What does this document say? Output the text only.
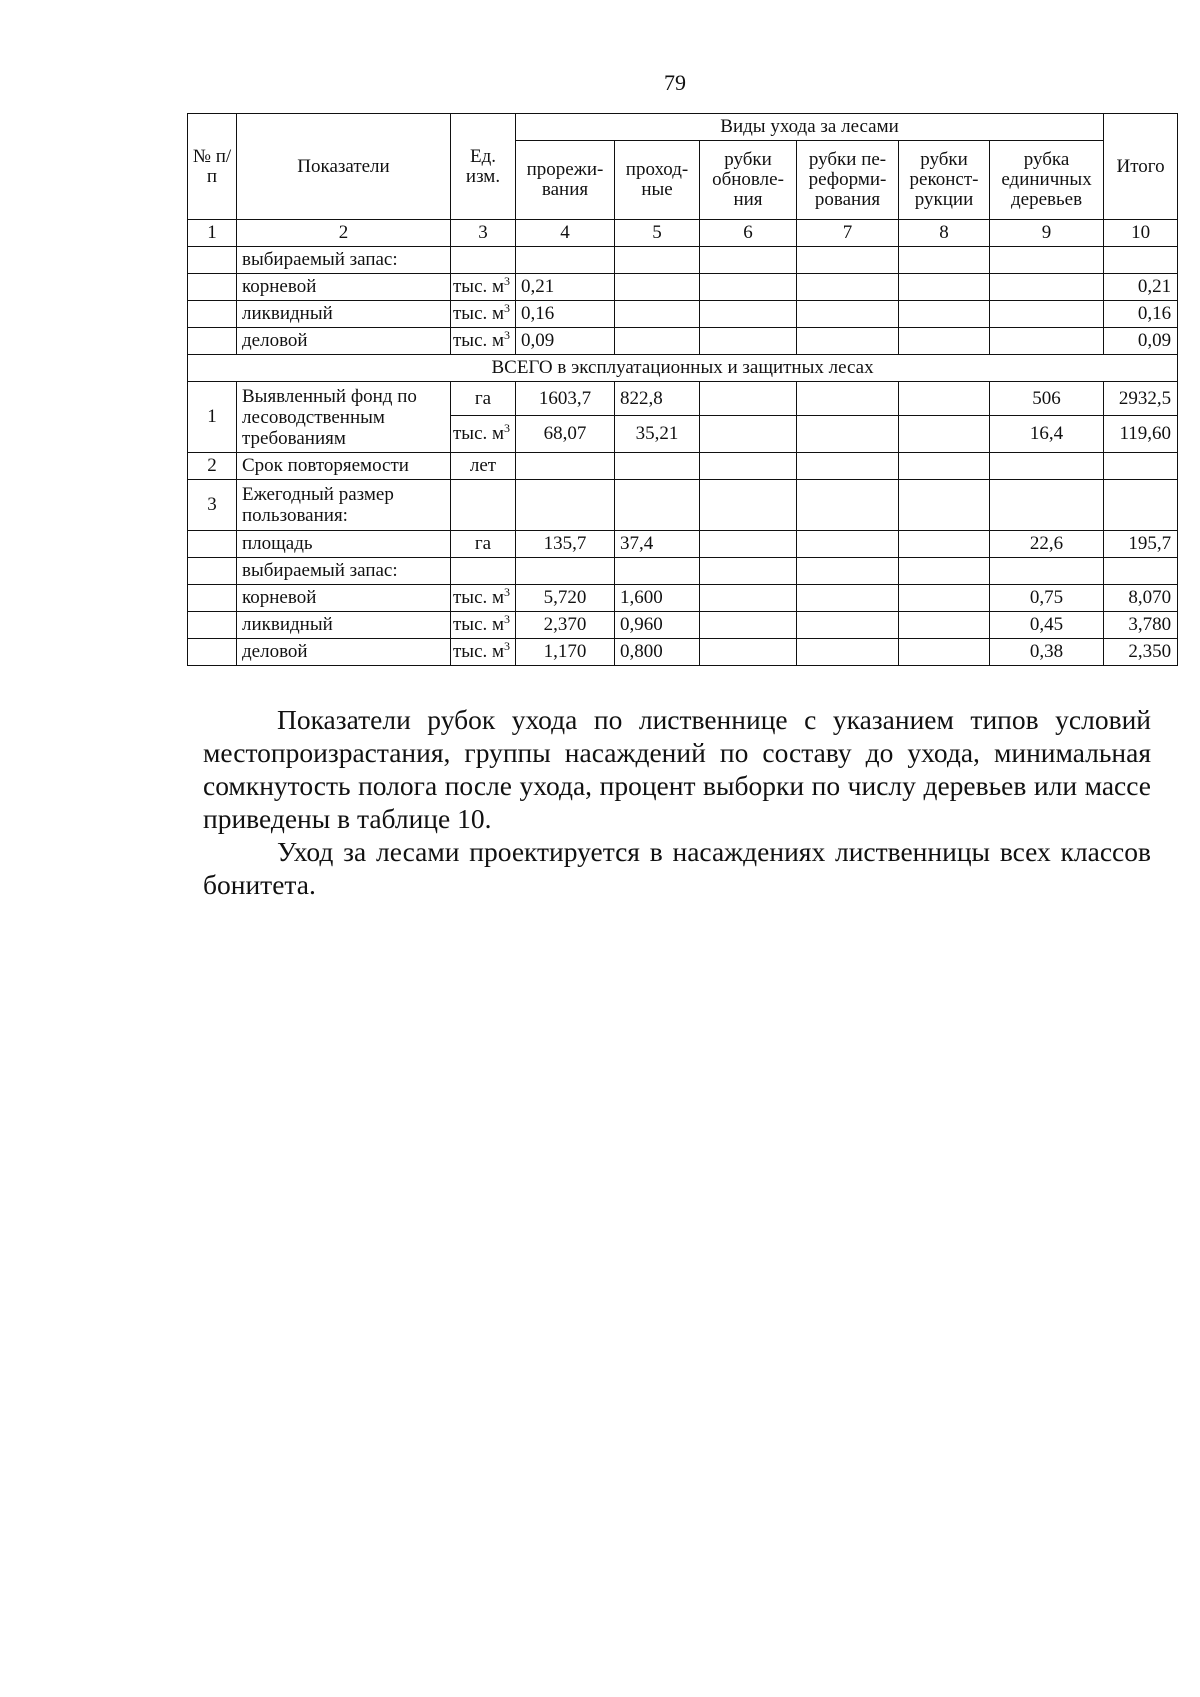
79
№ п/п	Показатели	Ед. изм.	Виды ухода за лесами						Итого
			прорежи- вания	проход- ные	рубки обновле- ния	рубки пе- реформи- рования	рубки реконст- рукции	рубка единичных деревьев	
1	2	3	4	5	6	7	8	9	10
	выбираемый запас:								
	корневой	тыс. $м^3$	0,21						0,21
	ликвидный	тыс. $м^3$	0,16						0,16
	деловой	тыс. $м^3$	0,09						0,09
ВСЕГО в эксплуатационных и защитных лесах									
1	Выявленный фонд по лесоводственным требованиям	га	1603,7	822,8				506	2932,5
		тыс. $м^3$	68,07	35,21				16,4	119,60
2	Срок повторяемости	лет							
3	Ежегодный размер пользования:								
	площадь	га	135,7	37,4				22,6	195,7
	выбираемый запас:								
	корневой	тыс. $м^3$	5,720	1,600				0,75	8,070
	ликвидный	тыс. $м^3$	2,370	0,960				0,45	3,780
	деловой	тыс. $м^3$	1,170	0,800				0,38	2,350

Показатели рубок ухода по лиственнице с указанием типов условий местопроизрастания, группы насаждений по составу до ухода, минимальная сомкнутость полога после ухода, процент выборки по числу деревьев или массе приведены в таблице 10.

Уход за лесами проектируется в насаждениях лиственницы всех классов бонитета.
